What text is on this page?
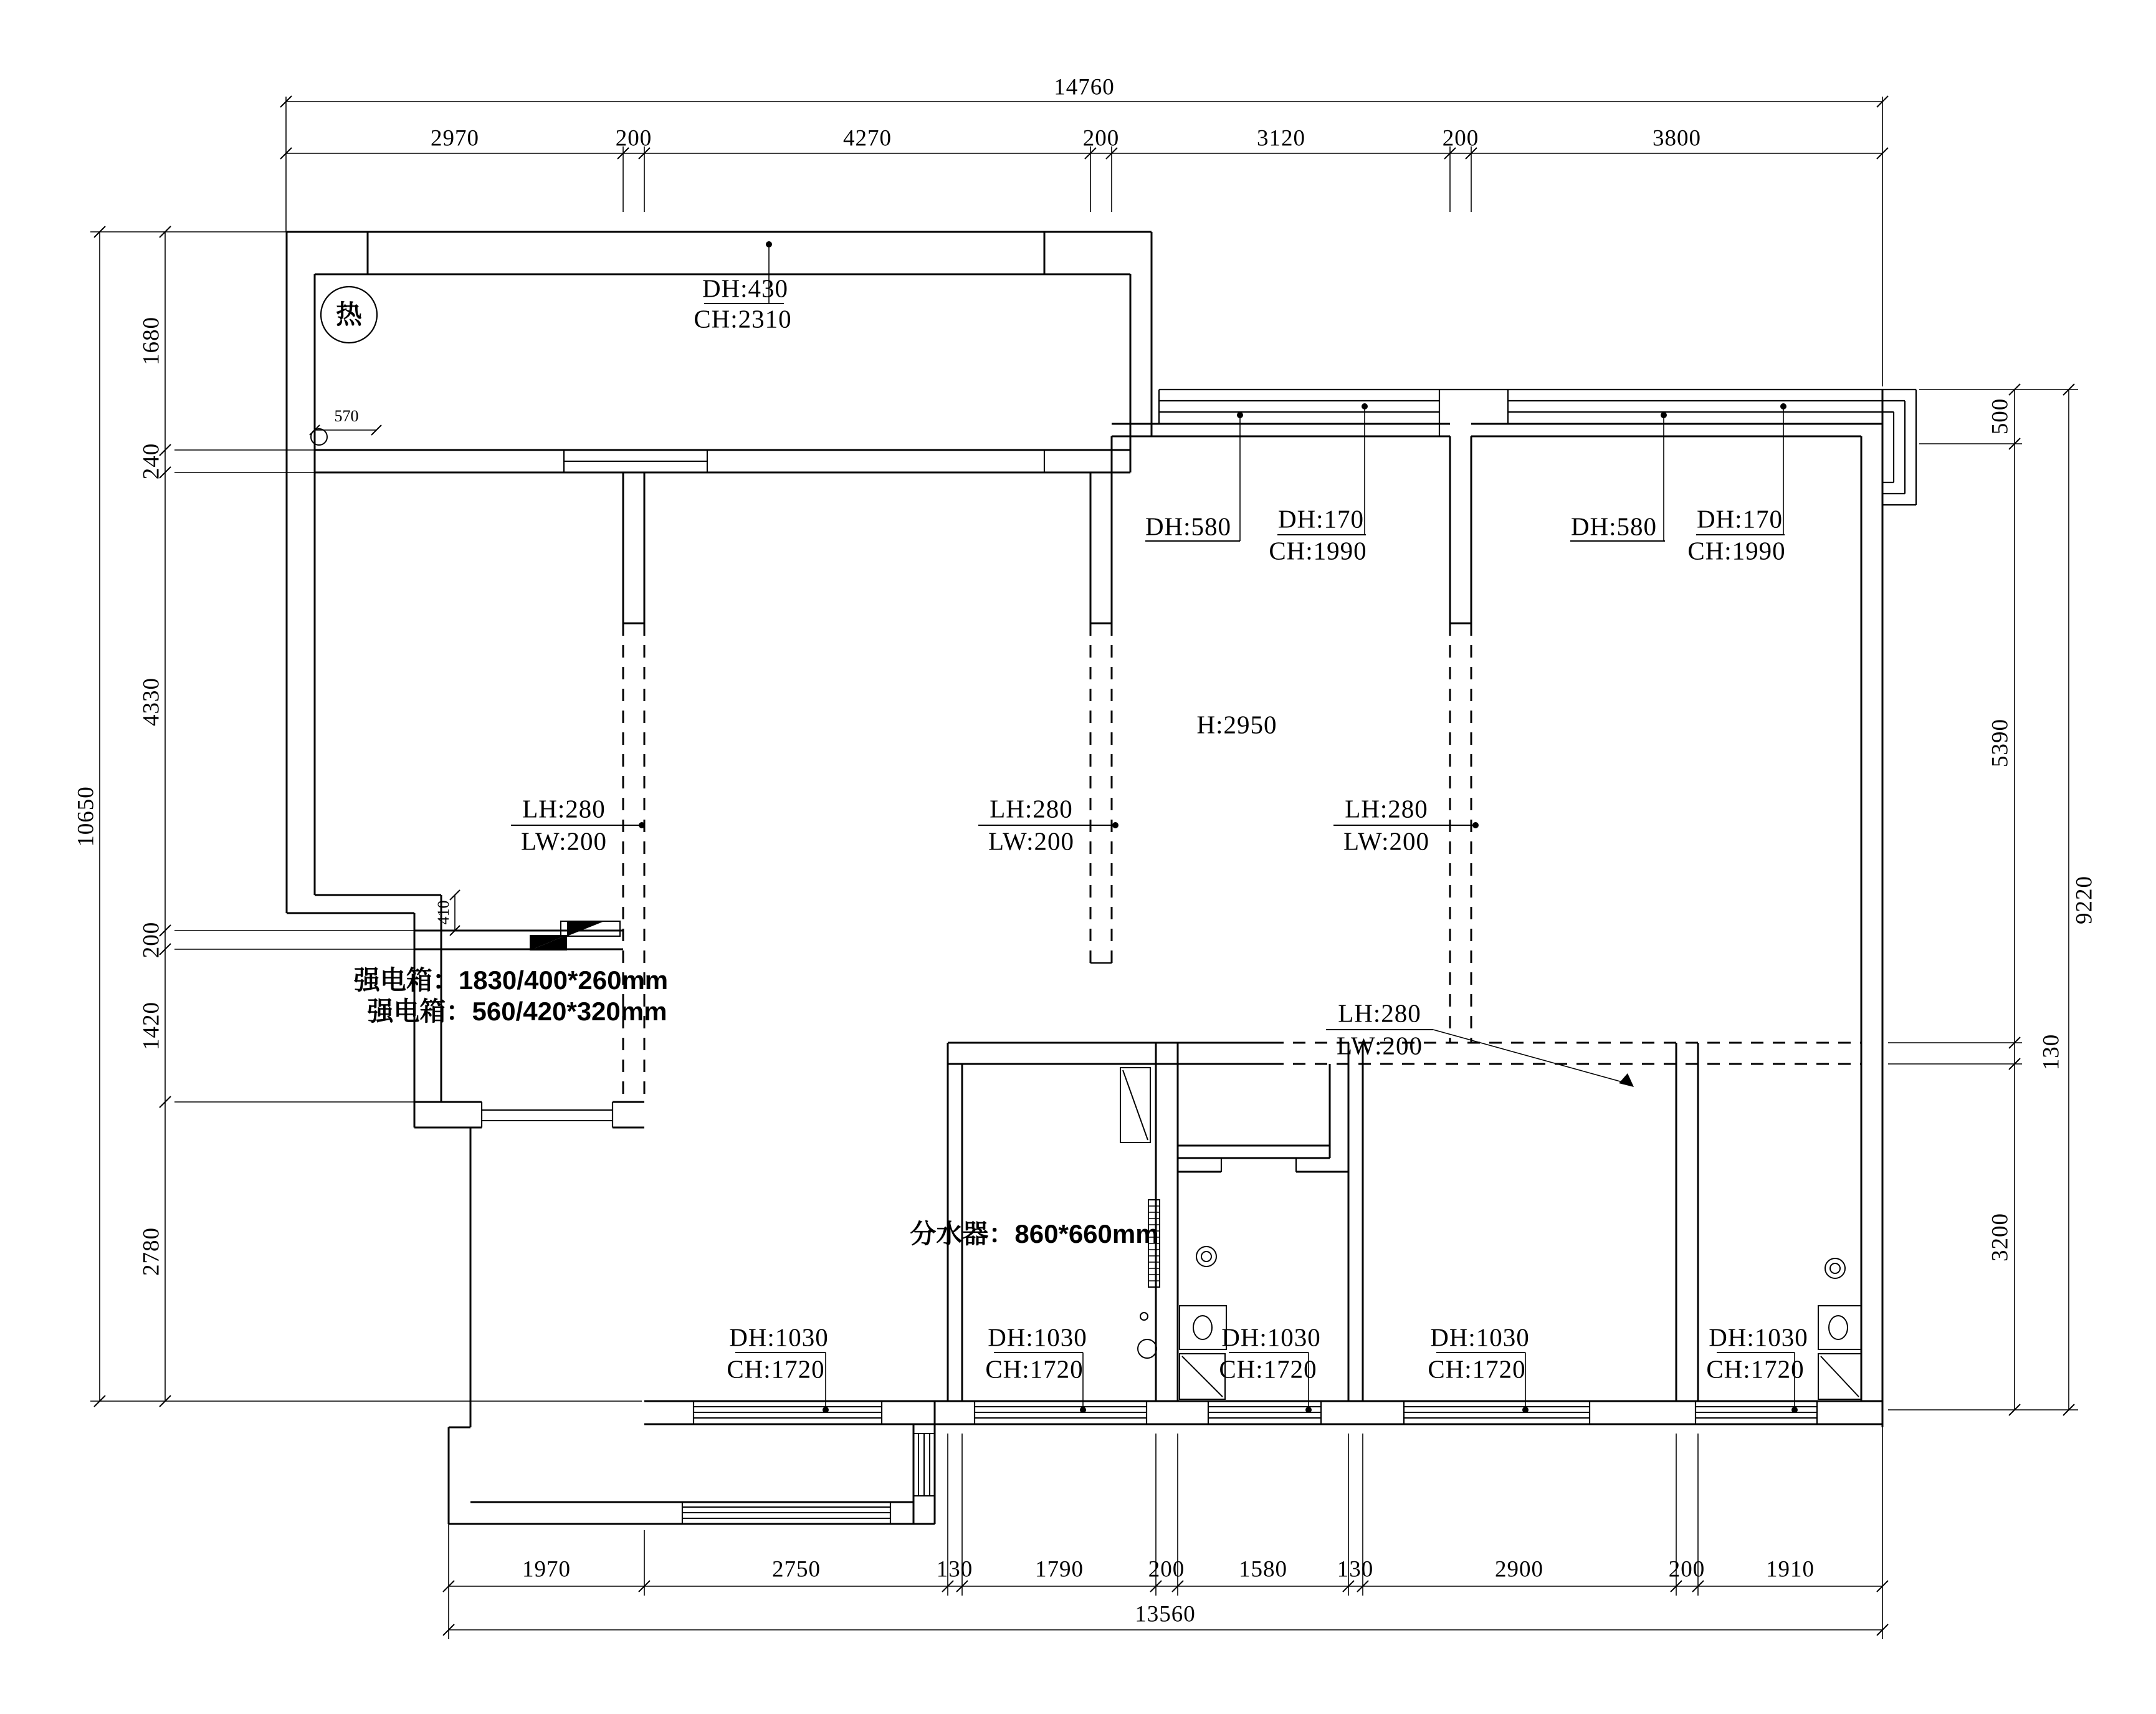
14760
2970	200	4270	200	3120	200	3800
1970	2750	130	1790	200 1580 130	2900	200	1910
13560
10650
1680
240
4330
200
1420
2780
500
5390
130
3200
9220
570
410
热
DH:430
CH:2310
DH:580 DH:170
CH:1990
DH:580 DH:170
CH:1990
H:2950
LH:280
LW:200
LH:280
LW:200
LH:280
LW:200
LH:280
LW:200
强电箱：1830/400*260mm
强电箱：560/420*320mm
分水器：860*660mm
DH:1030
CH:1720
DH:1030
CH:1720
DH:1030
CH:1720
DH:1030
CH:1720
DH:1030
CH:1720
